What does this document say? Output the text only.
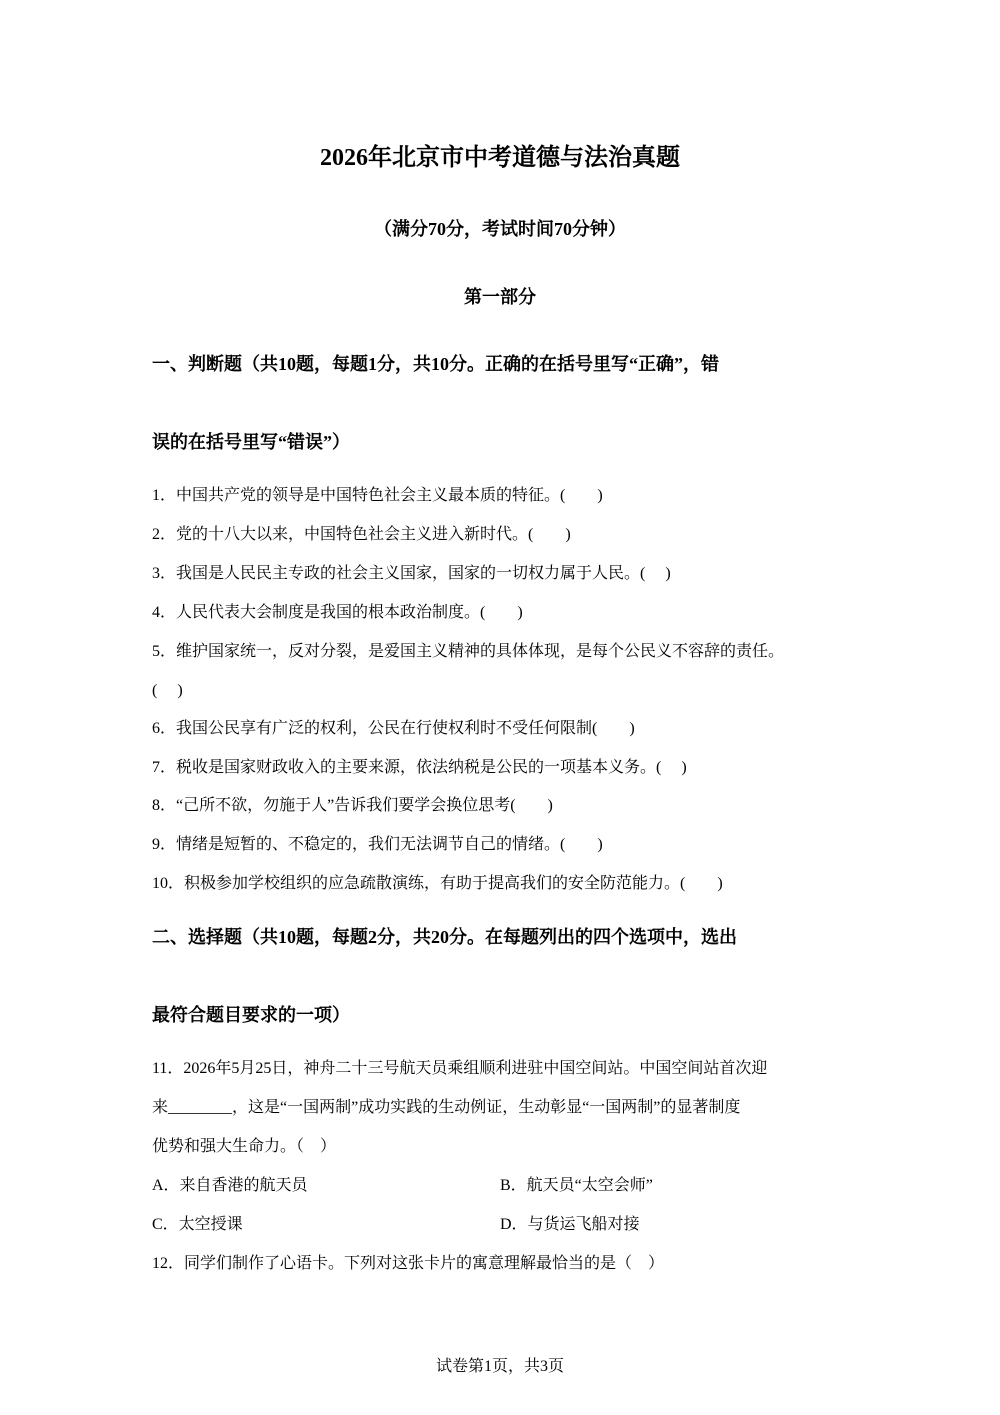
2026年北京市中考道德与法治真题
（满分70分，考试时间70分钟）
第一部分
一、判断题（共10题，每题1分，共10分。正确的在括号里写“正确”，错
误的在括号里写“错误”）
1．中国共产党的领导是中国特色社会主义最本质的特征。(　　)
2．党的十八大以来，中国特色社会主义进入新时代。(　　)
3．我国是人民民主专政的社会主义国家，国家的一切权力属于人民。(　 )
4．人民代表大会制度是我国的根本政治制度。(　　)
5．维护国家统一，反对分裂，是爱国主义精神的具体体现，是每个公民义不容辞的责任。
(　 )
6．我国公民享有广泛的权利，公民在行使权利时不受任何限制(　　)
7．税收是国家财政收入的主要来源，依法纳税是公民的一项基本义务。(　 )
8．“己所不欲，勿施于人”告诉我们要学会换位思考(　　)
9．情绪是短暂的、不稳定的，我们无法调节自己的情绪。(　　)
10．积极参加学校组织的应急疏散演练，有助于提高我们的安全防范能力。(　　)
二、选择题（共10题，每题2分，共20分。在每题列出的四个选项中，选出
最符合题目要求的一项）
11．2026年5月25日，神舟二十三号航天员乘组顺利进驻中国空间站。中国空间站首次迎
来________，这是“一国两制”成功实践的生动例证，生动彰显“一国两制”的显著制度
优势和强大生命力。（　）
A．来自香港的航天员	B．航天员“太空会师”
C．太空授课	D．与货运飞船对接
12．同学们制作了心语卡。下列对这张卡片的寓意理解最恰当的是（　）
试卷第1页，共3页
